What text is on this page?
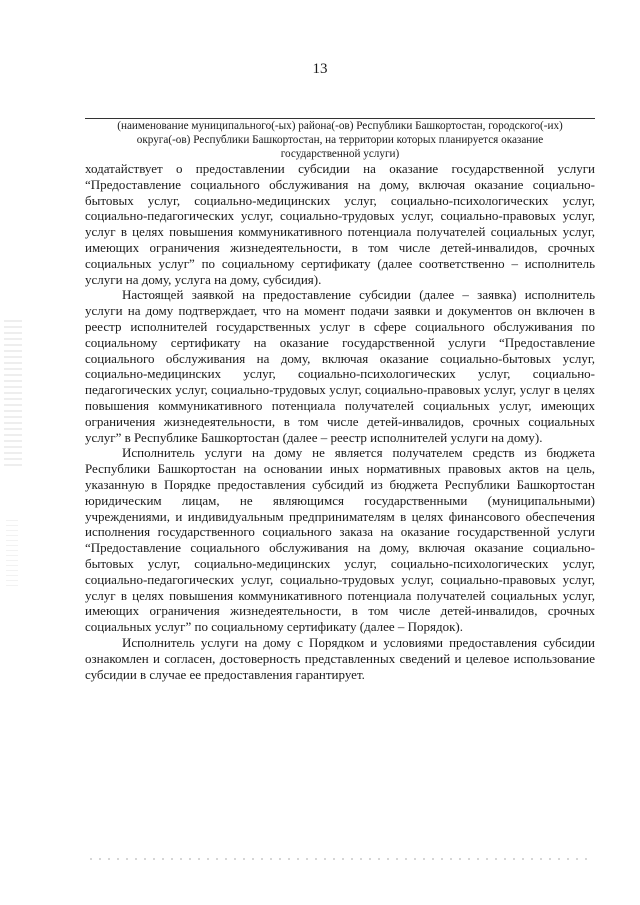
13
(наименование муниципального(-ых) района(-ов) Республики Башкортостан, городского(-их)
округа(-ов) Республики Башкортостан, на территории которых планируется оказание
государственной услуги)

ходатайствует о предоставлении субсидии на оказание государственной услуги “Предоставление социального обслуживания на дому, включая оказание социально-бытовых услуг, социально-медицинских услуг, социально-психологических услуг, социально-педагогических услуг, социально-трудовых услуг, социально-правовых услуг, услуг в целях повышения коммуникативного потенциала получателей социальных услуг, имеющих ограничения жизнедеятельности, в том числе детей-инвалидов, срочных социальных услуг” по социальному сертификату (далее соответственно – исполнитель услуги на дому, услуга на дому, субсидия).

Настоящей заявкой на предоставление субсидии (далее – заявка) исполнитель услуги на дому подтверждает, что на момент подачи заявки и документов он включен в реестр исполнителей государственных услуг в сфере социального обслуживания по социальному сертификату на оказание государственной услуги “Предоставление социального обслуживания на дому, включая оказание социально-бытовых услуг, социально-медицинских услуг, социально-психологических услуг, социально-педагогических услуг, социально-трудовых услуг, социально-правовых услуг, услуг в целях повышения коммуникативного потенциала получателей социальных услуг, имеющих ограничения жизнедеятельности, в том числе детей-инвалидов, срочных социальных услуг” в Республике Башкортостан (далее – реестр исполнителей услуги на дому).

Исполнитель услуги на дому не является получателем средств из бюджета Республики Башкортостан на основании иных нормативных правовых актов на цель, указанную в Порядке предоставления субсидий из бюджета Республики Башкортостан юридическим лицам, не являющимся государственными (муниципальными) учреждениями, и индивидуальным предпринимателям в целях финансового обеспечения исполнения государственного социального заказа на оказание государственной услуги “Предоставление социального обслуживания на дому, включая оказание социально-бытовых услуг, социально-медицинских услуг, социально-психологических услуг, социально-педагогических услуг, социально-трудовых услуг, социально-правовых услуг, услуг в целях повышения коммуникативного потенциала получателей социальных услуг, имеющих ограничения жизнедеятельности, в том числе детей-инвалидов, срочных социальных услуг” по социальному сертификату (далее – Порядок).

Исполнитель услуги на дому с Порядком и условиями предоставления субсидии ознакомлен и согласен, достоверность представленных сведений и целевое использование субсидии в случае ее предоставления гарантирует.
